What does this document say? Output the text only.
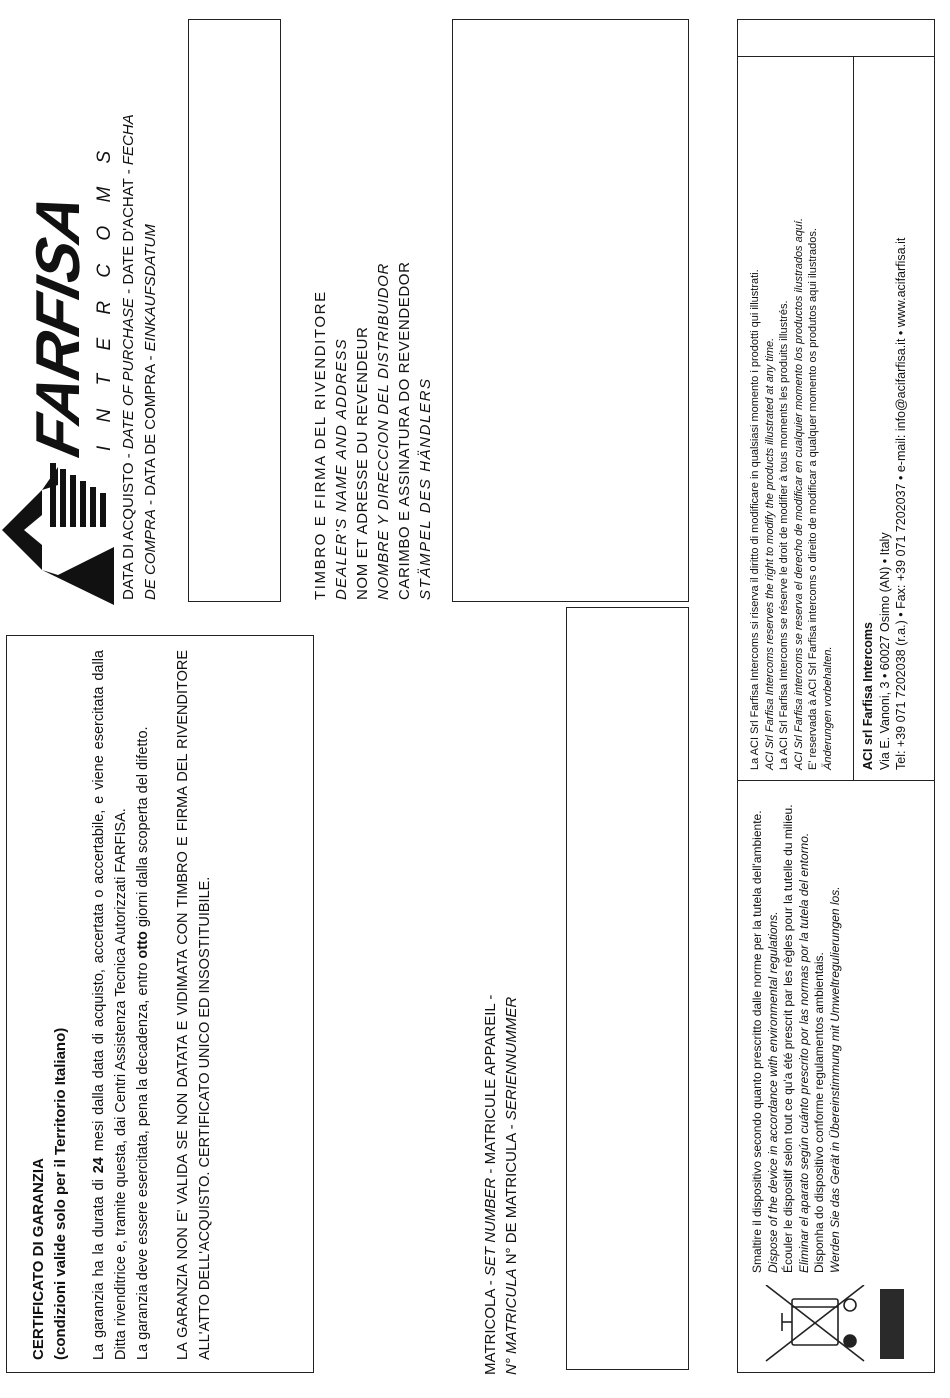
CERTIFICATO DI GARANZIA (condizioni valide solo per il Territorio Italiano) La garanzia ha la durata di 24 mesi dalla data di acquisto, accertata o accertabile, e viene esercitata dalla Ditta rivenditrice e, tramite questa, dai Centri Assistenza Tecnica Autorizzati FARFISA. La garanzia deve essere esercitata, pena la decadenza, entro otto giorni dalla scoperta del difetto. LA GARANZIA NON E' VALIDA SE NON DATATA E VIDIMATA CON TIMBRO E FIRMA DEL RIVENDITORE ALL'ATTO DELL'ACQUISTO. CERTIFICATO UNICO ED INSOSTITUIBILE.	MATRICOLA - SET NUMBER - MATRICULE APPAREIL -

N° MATRICULA N° DE MATRICULA - SERIENNUMMER

FARFISA I N T E R C O M S

DATA DI ACQUISTO - DATE OF PURCHASE - DATE D'ACHAT - FECHA

DE COMPRA - DATA DE COMPRA - EINKAUFSDATUM

TIMBRO E FIRMA DEL RIVENDITORE DEALER'S NAME AND ADDRESS NOM ET ADRESSE DU REVENDEUR NOMBRE Y DIRECCION DEL DISTRIBUIDOR CARIMBO E ASSINATURA DO REVENDEDOR STÄMPEL DES HÄNDLERS

Smaltire il dispositivo secondo quanto prescritto dalle norme per la tutela dell'ambiente. Dispose of the device in accordance with environmental regulations. Écouler le dispositif selon tout ce qu'a été prescrit par les règles pour la tutelle du milieu. Eliminar el aparato según cuánto prescrito por las normas por la tutela del entorno. Disponha do dispositivo conforme regulamentos ambientais. Werden Sie das Gerät in Übereinstimmung mit Umweltregulierungen los.

La ACI Srl Farfisa Intercoms si riserva il diritto di modificare in qualsiasi momento i prodotti qui illustrati. ACI Srl Farfisa Intercoms reserves the right to modify the products illustrated at any time. La ACI Srl Farfisa Intercoms se réserve le droit de modifier à tous moments les produits illustrés. ACI Srl Farfisa intercoms se reserva el derecho de modificar en cualquier momento los productos ilustrados aquí. E' reservada à ACI Srl Farfisa intercoms o direito de modificar a qualquer momento os produtos aqui ilustrados. Änderungen vorbehalten. ACI srl Farfisa Intercoms Via E. Vanoni, 3 • 60027 Osimo (AN) • Italy Tel: +39 071 7202038 (r.a.) • Fax: +39 071 7202037 • e-mail: info@acifarfisa.it • www.acifarfisa.it
